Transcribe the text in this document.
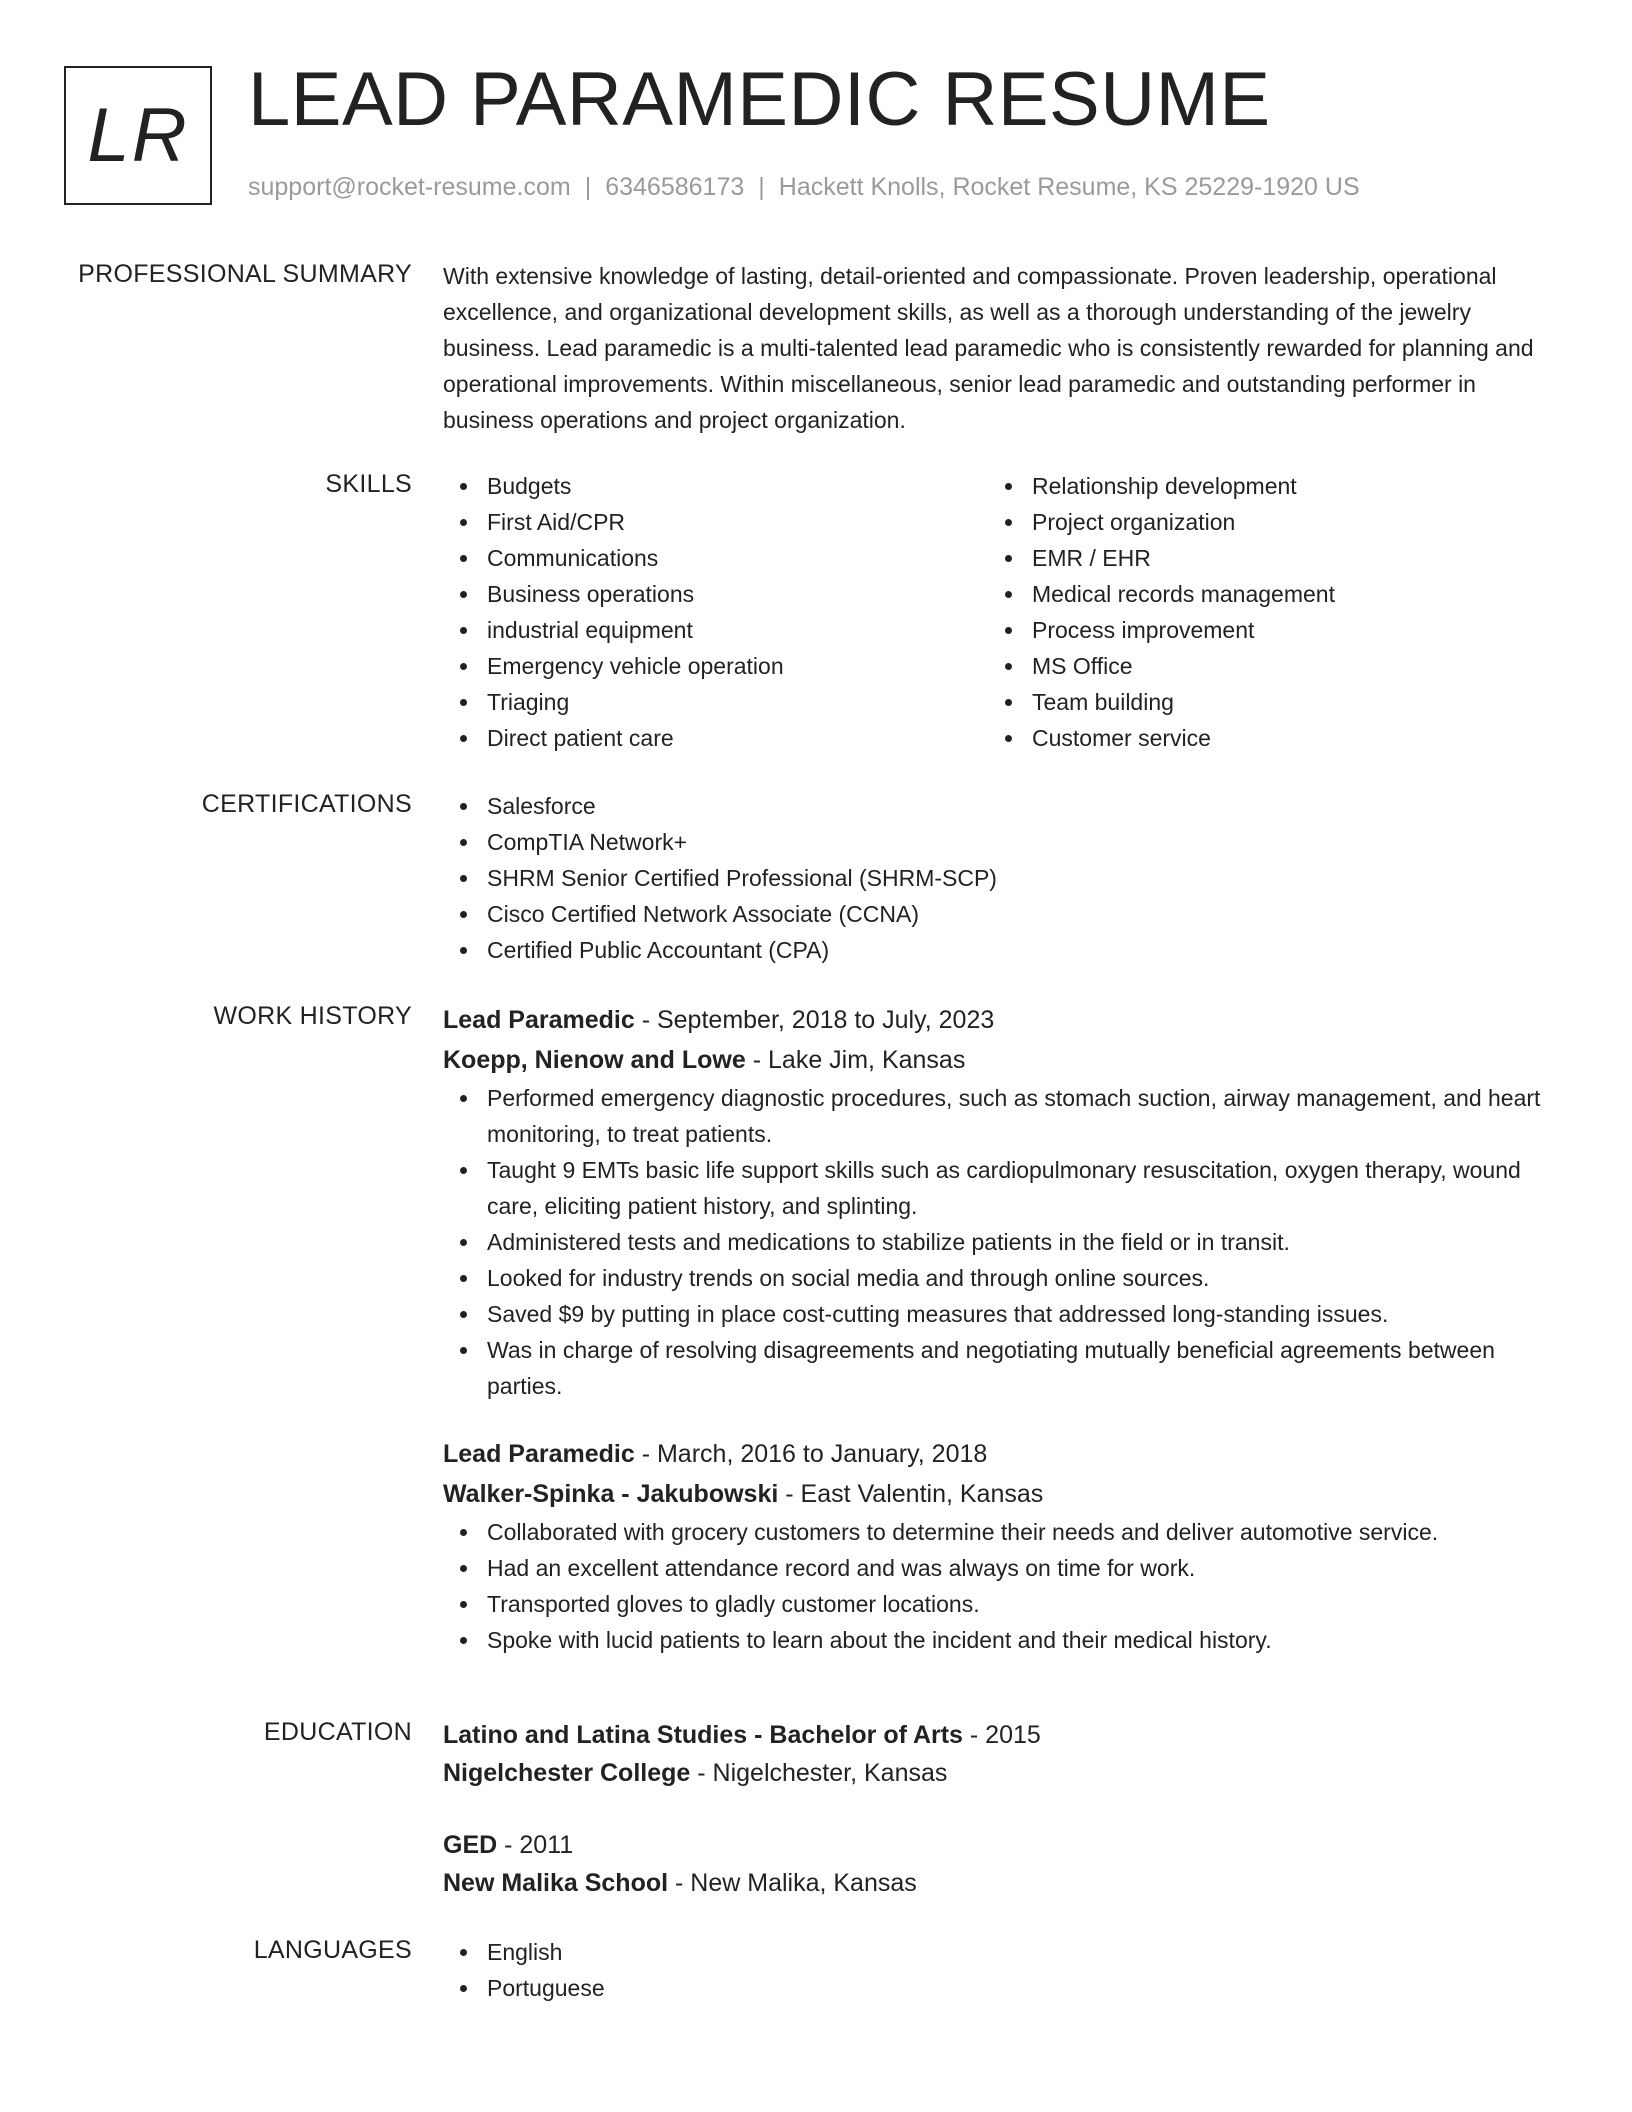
LR LEAD PARAMEDIC RESUME
support@rocket-resume.com | 6346586173 | Hackett Knolls, Rocket Resume, KS 25229-1920 US
PROFESSIONAL SUMMARY With extensive knowledge of lasting, detail-oriented and compassionate. Proven leadership, operational excellence, and organizational development skills, as well as a thorough understanding of the jewelry business. Lead paramedic is a multi-talented lead paramedic who is consistently rewarded for planning and operational improvements. Within miscellaneous, senior lead paramedic and outstanding performer in business operations and project organization.

SKILLS	Budgets
First Aid/CPR
Communications
Business operations
industrial equipment
Emergency vehicle operation
Triaging
Direct patient care
Relationship development
Project organization
EMR / EHR
Medical records management
Process improvement
MS Office
Team building
Customer service
CERTIFICATIONS	Salesforce
CompTIA Network+
SHRM Senior Certified Professional (SHRM-SCP)
Cisco Certified Network Associate (CCNA)
Certified Public Accountant (CPA)
WORK HISTORY Lead Paramedic - September, 2018 to July, 2023
Koepp, Nienow and Lowe - Lake Jim, Kansas
Performed emergency diagnostic procedures, such as stomach suction, airway management, and heart monitoring, to treat patients.
Taught 9 EMTs basic life support skills such as cardiopulmonary resuscitation, oxygen therapy, wound care, eliciting patient history, and splinting.
Administered tests and medications to stabilize patients in the field or in transit.
Looked for industry trends on social media and through online sources.
Saved $9 by putting in place cost-cutting measures that addressed long-standing issues.
Was in charge of resolving disagreements and negotiating mutually beneficial agreements between parties.
Lead Paramedic - March, 2016 to January, 2018
Walker-Spinka - Jakubowski - East Valentin, Kansas
Collaborated with grocery customers to determine their needs and deliver automotive service.
Had an excellent attendance record and was always on time for work.
Transported gloves to gladly customer locations.
Spoke with lucid patients to learn about the incident and their medical history.
EDUCATION Latino and Latina Studies - Bachelor of Arts - 2015
Nigelchester College - Nigelchester, Kansas
GED - 2011
New Malika School - New Malika, Kansas
LANGUAGES	English
Portuguese
